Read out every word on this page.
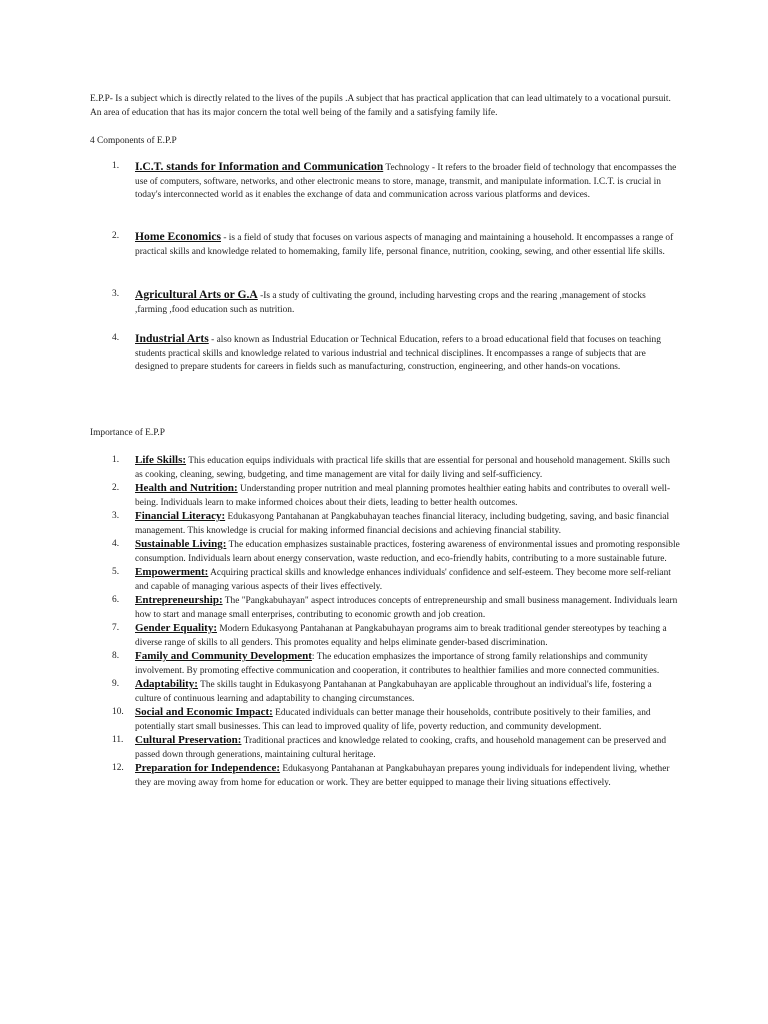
E.P.P- Is a subject which is directly related to the lives of the pupils .A subject that has practical application that can lead ultimately to a vocational pursuit. An area of education that has its major concern the total well being of the family and a satisfying family life.

4 Components of E.P.P

1.	I.C.T. stands for Information and Communication Technology - It refers to the broader field of technology that encompasses the use of computers, software, networks, and other electronic means to store, manage, transmit, and manipulate information. I.C.T. is crucial in today's interconnected world as it enables the exchange of data and communication across various platforms and devices.
2.	Home Economics - is a field of study that focuses on various aspects of managing and maintaining a household. It encompasses a range of practical skills and knowledge related to homemaking, family life, personal finance, nutrition, cooking, sewing, and other essential life skills.
3.	Agricultural Arts or G.A -Is a study of cultivating the ground, including harvesting crops and the rearing ,management of stocks ,farming ,food education such as nutrition.
4.	Industrial Arts - also known as Industrial Education or Technical Education, refers to a broad educational field that focuses on teaching students practical skills and knowledge related to various industrial and technical disciplines. It encompasses a range of subjects that are designed to prepare students for careers in fields such as manufacturing, construction, engineering, and other hands-on vocations.

Importance of E.P.P

1.	Life Skills: This education equips individuals with practical life skills that are essential for personal and household management. Skills such as cooking, cleaning, sewing, budgeting, and time management are vital for daily living and self-sufficiency.
2.	Health and Nutrition: Understanding proper nutrition and meal planning promotes healthier eating habits and contributes to overall well-being. Individuals learn to make informed choices about their diets, leading to better health outcomes.
3.	Financial Literacy: Edukasyong Pantahanan at Pangkabuhayan teaches financial literacy, including budgeting, saving, and basic financial management. This knowledge is crucial for making informed financial decisions and achieving financial stability.
4.	Sustainable Living: The education emphasizes sustainable practices, fostering awareness of environmental issues and promoting responsible consumption. Individuals learn about energy conservation, waste reduction, and eco-friendly habits, contributing to a more sustainable future.
5.	Empowerment: Acquiring practical skills and knowledge enhances individuals' confidence and self-esteem. They become more self-reliant and capable of managing various aspects of their lives effectively.
6.	Entrepreneurship: The "Pangkabuhayan" aspect introduces concepts of entrepreneurship and small business management. Individuals learn how to start and manage small enterprises, contributing to economic growth and job creation.
7.	Gender Equality: Modern Edukasyong Pantahanan at Pangkabuhayan programs aim to break traditional gender stereotypes by teaching a diverse range of skills to all genders. This promotes equality and helps eliminate gender-based discrimination.
8.	Family and Community Development: The education emphasizes the importance of strong family relationships and community involvement. By promoting effective communication and cooperation, it contributes to healthier families and more connected communities.
9.	Adaptability: The skills taught in Edukasyong Pantahanan at Pangkabuhayan are applicable throughout an individual's life, fostering a culture of continuous learning and adaptability to changing circumstances.
10.	Social and Economic Impact: Educated individuals can better manage their households, contribute positively to their families, and potentially start small businesses. This can lead to improved quality of life, poverty reduction, and community development.
11.	Cultural Preservation: Traditional practices and knowledge related to cooking, crafts, and household management can be preserved and passed down through generations, maintaining cultural heritage.
12.	Preparation for Independence: Edukasyong Pantahanan at Pangkabuhayan prepares young individuals for independent living, whether they are moving away from home for education or work. They are better equipped to manage their living situations effectively.
